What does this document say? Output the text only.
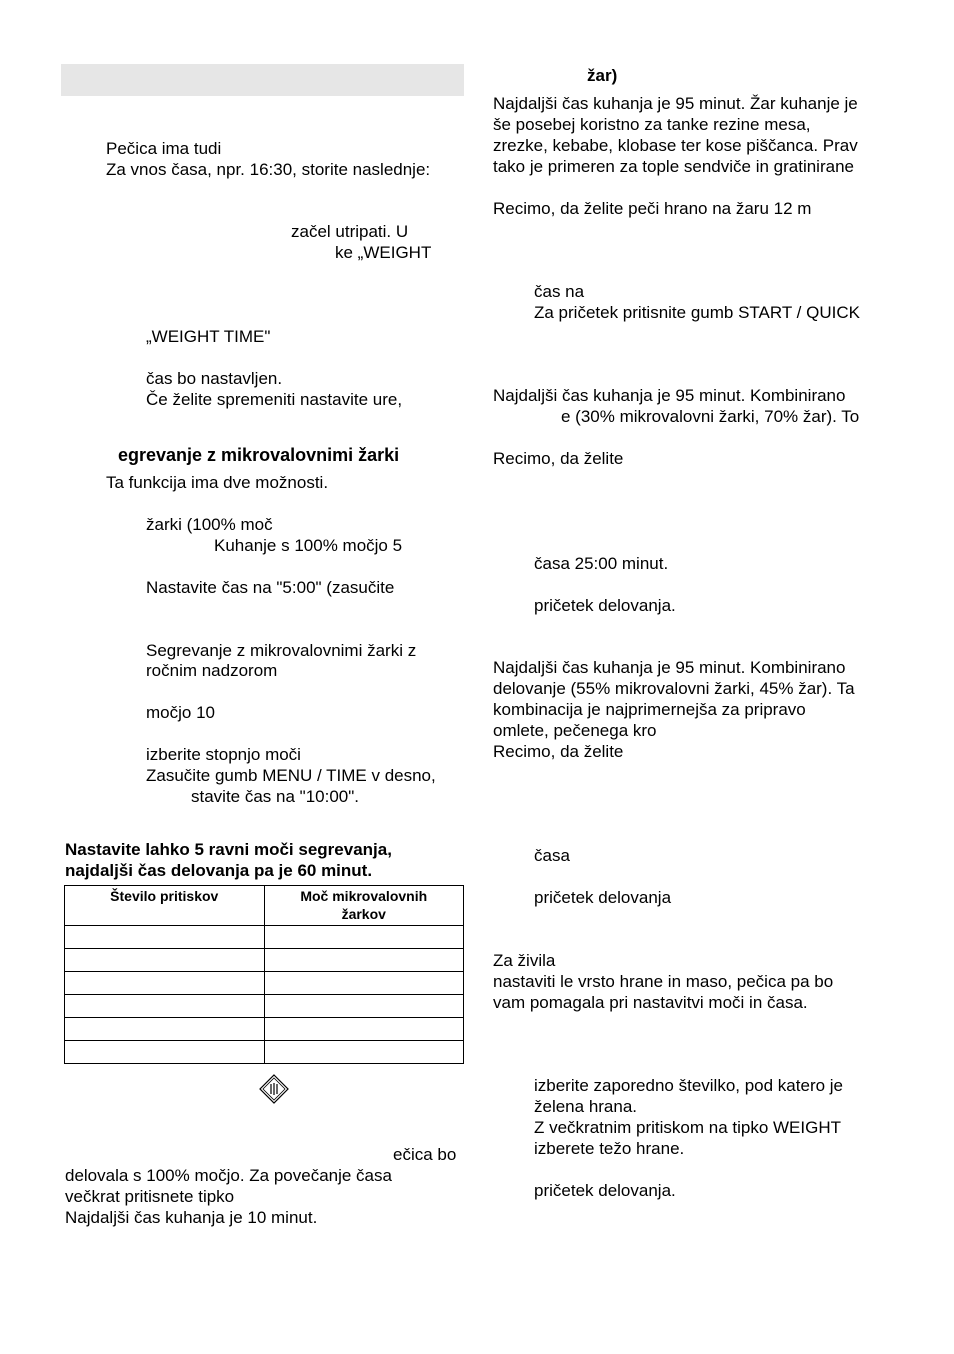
Pečica ima tudi
Za vnos časa, npr. 16:30, storite naslednje:
začel utripati. U
ke „WEIGHT
„WEIGHT TIME"
čas bo nastavljen.
Če želite spremeniti nastavite ure,
egrevanje z mikrovalovnimi žarki
Ta funkcija ima dve možnosti.
žarki (100% moč
Kuhanje s 100% močjo 5
Nastavite čas na "5:00" (zasučite
Segrevanje z mikrovalovnimi žarki z
ročnim nadzorom
močjo 10
izberite stopnjo moči
Zasučite gumb MENU / TIME v desno,
stavite čas na "10:00".
Nastavite lahko 5 ravni moči segrevanja,
najdaljši čas delovanja pa je 60 minut.
Število pritiskov	Moč mikrovalovnih
žarkov

ečica bo
delovala s 100% močjo. Za povečanje časa
večkrat pritisnete tipko
Najdaljši čas kuhanja je 10 minut.
žar)
Najdaljši čas kuhanja je 95 minut. Žar kuhanje je
še posebej koristno za tanke rezine mesa,
zrezke, kebabe, klobase ter kose piščanca. Prav
tako je primeren za tople sendviče in gratinirane
Recimo, da želite peči hrano na žaru 12 m
čas na
Za pričetek pritisnite gumb START / QUICK
Najdaljši čas kuhanja je 95 minut. Kombinirano
e (30% mikrovalovni žarki, 70% žar). To
Recimo, da želite
časa 25:00 minut.
pričetek delovanja.
Najdaljši čas kuhanja je 95 minut. Kombinirano
delovanje (55% mikrovalovni žarki, 45% žar). Ta
kombinacija je najprimernejša za pripravo
omlete, pečenega kro
Recimo, da želite
časa
pričetek delovanja
Za živila
nastaviti le vrsto hrane in maso, pečica pa bo
vam pomagala pri nastavitvi moči in časa.
izberite zaporedno številko, pod katero je
želena hrana.
Z večkratnim pritiskom na tipko WEIGHT
izberete težo hrane.
pričetek delovanja.
